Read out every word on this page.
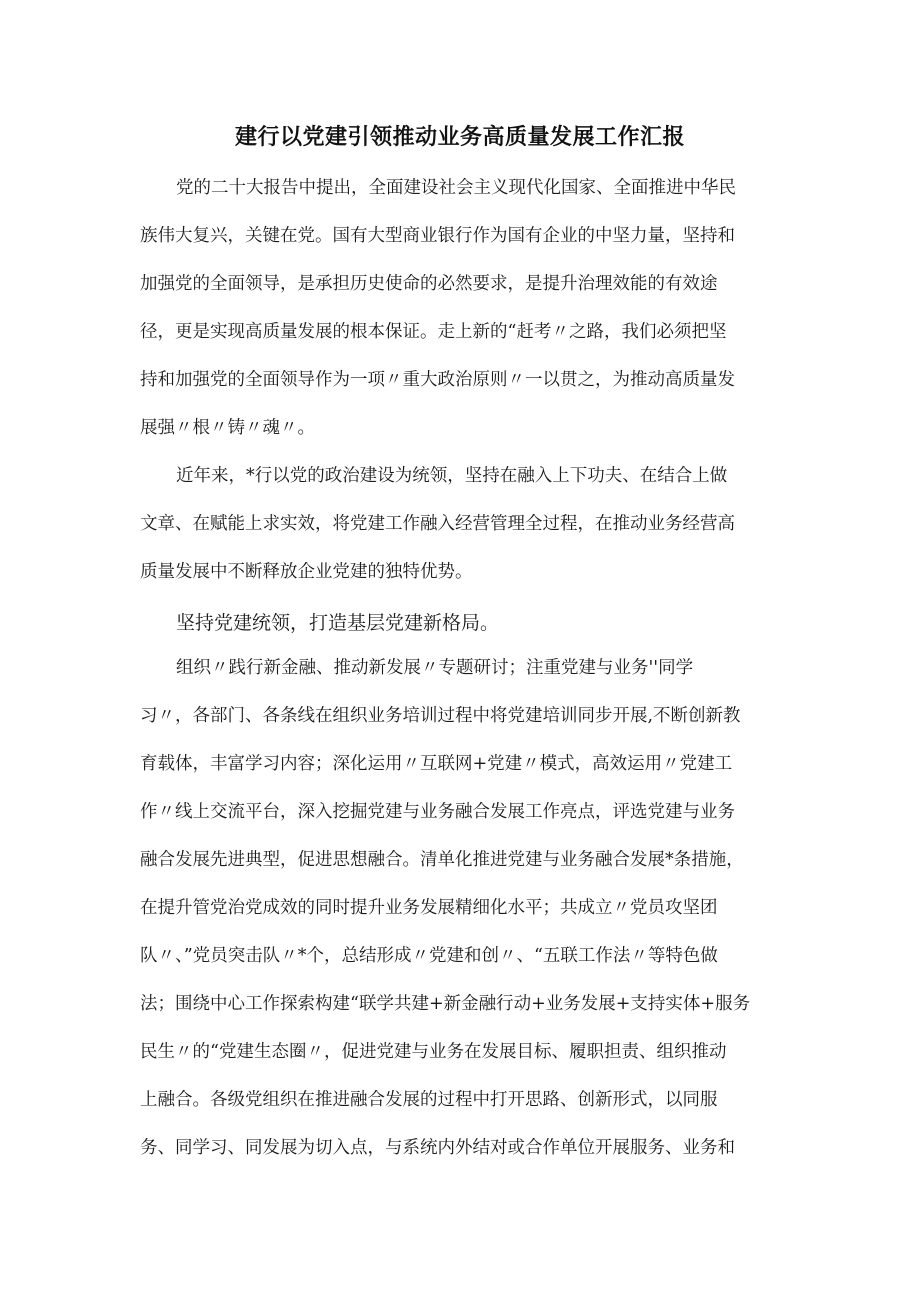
建行以党建引领推动业务高质量发展工作汇报
党的二十大报告中提出，全面建设社会主义现代化国家、全面推进中华民
族伟大复兴，关键在党。国有大型商业银行作为国有企业的中坚力量，坚持和
加强党的全面领导，是承担历史使命的必然要求，是提升治理效能的有效途
径，更是实现高质量发展的根本保证。走上新的“赶考〃之路，我们必须把坚
持和加强党的全面领导作为一项〃重大政治原则〃一以贯之，为推动高质量发
展强〃根〃铸〃魂〃。
近年来，*行以党的政治建设为统领，坚持在融入上下功夫、在结合上做
文章、在赋能上求实效，将党建工作融入经营管理全过程，在推动业务经营高
质量发展中不断释放企业党建的独特优势。
坚持党建统领，打造基层党建新格局。
组织〃践行新金融、推动新发展〃专题研讨；注重党建与业务''同学
习〃，各部门、各条线在组织业务培训过程中将党建培训同步开展,不断创新教
育载体，丰富学习内容；深化运用〃互联网+党建〃模式，高效运用〃党建工
作〃线上交流平台，深入挖掘党建与业务融合发展工作亮点，评选党建与业务
融合发展先进典型，促进思想融合。清单化推进党建与业务融合发展*条措施，
在提升管党治党成效的同时提升业务发展精细化水平；共成立〃党员攻坚团
队〃、”党员突击队〃*个，总结形成〃党建和创〃、“五联工作法〃等特色做
法；围绕中心工作探索构建“联学共建+新金融行动+业务发展+支持实体+服务
民生〃的“党建生态圈〃，促进党建与业务在发展目标、履职担责、组织推动
上融合。各级党组织在推进融合发展的过程中打开思路、创新形式，以同服
务、同学习、同发展为切入点，与系统内外结对或合作单位开展服务、业务和
